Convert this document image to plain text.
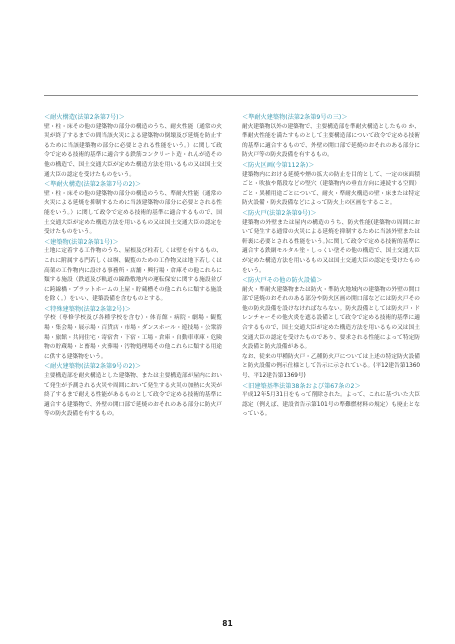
＜耐火構造(法第2条第7号)＞

壁・柱・床その他の建築物の部分の構造のうち、耐火性能（通常の火災が終了するまでの間当該火災による建築物の倒壊及び延焼を防止するために当該建築物の部分に必要とされる性能をいう。）に関して政令で定める技術的基準に適合する鉄筋コンクリート造・れんが造その他の構造で、国土交通大臣が定めた構造方法を用いるもの又は国土交通大臣の認定を受けたものをいう。

＜準耐火構造(法第2条第7号の2)＞

壁・柱・床その他の建築物の部分の構造のうち、準耐火性能（通常の火災による延焼を抑制するために当該建築物の部分に必要とされる性能をいう。）に関して政令で定める技術的基準に適合するもので、国土交通大臣が定めた構造方法を用いるもの又は国土交通大臣の認定を受けたものをいう。

＜建築物(法第2条第1号)＞

土地に定着する工作物のうち、屋根及び柱若しくは壁を有するもの、これに附属する門若しくは塀、観覧のための工作物又は地下若しくは高架の工作物内に設ける事務所・店舗・興行場・倉庫その他これらに類する施設（鉄道及び軌道の線路敷地内の運転保安に関する施設並びに跨線橋・プラットホームの上屋・貯蔵槽その他これらに類する施設を除く。）をいい、建築設備を含むものとする。

＜特殊建築物(法第2条第2号)＞

学校（専修学校及び各種学校を含む）・体育館・病院・劇場・観覧場・集会場・展示場・百貨店・市場・ダンスホール・遊技場・公衆浴場・旅館・共同住宅・寄宿舎・下宿・工場・倉庫・自動車車庫・危険物の貯蔵場・と畜場・火葬場・汚物処理場その他これらに類する用途に供する建築物をいう。

＜耐火建築物(法第2条第9号の2)＞

主要構造部を耐火構造とした建築物、または主要構造部が屋内において発生が予測される火災や周囲において発生する火災の加熱に火災が終了するまで耐える性能があるものとして政令で定める技術的基準に適合する建築物で、外壁の開口部で延焼のおそれのある部分に防火戸等の防火設備を有するもの。

＜準耐火建築物(法第2条第9号の三)＞

耐火建築物以外の建築物で、主要構造部を準耐火構造としたもの か、準耐火性能を満たすものとして主要構造部について政令で定める技術的基準に適合するもので、外壁の開口部で延焼のおそれのある部分に防火戸等の防火設備を有するもの。

＜防火区画(令第112条)＞

建築物内における延焼や煙の拡大の防止を目的として、一定の床面積ごと・吹抜や階段などの竪穴（建築物内の垂直方向に連続する空間）ごと・異種用途ごとについて、耐火・準耐火構造の壁・床または特定防火設備・防火設備などによって防火上の区画をすること。

＜防火戸(法第2条第9号)＞

建築物の外壁または屋内の構造のうち、防火性能(建築物の周囲において発生する通常の火災による延焼を抑制するために当該外壁または軒裏に必要とされる性能をいう。)に関して政令で定める技術的基準に適合する鉄網モルタル塗・しっくい塗その他の構造で、国土交通大臣が定めた構造方法を用いるもの又は国土交通大臣の認定を受けたものをいう。

＜防火戸その他の防火設備＞

耐火・準耐火建築物または防火・準防火地域内の建築物の外壁の開口部で延焼のおそれのある部分や防火区画の開口部などには防火戸その他の防火設備を設けなければならない。防火設備としては防火戸・ドレンチャーその他火炎を遮る設備として政令で定める技術的基準に適合するもので、国土交通大臣が定めた構造方法を用いるもの又は国土交通大臣の認定を受けたものであり、要求される性能によって特定防火設備と防火設備がある。

なお、従来の甲種防火戸・乙種防火戸については上述の特定防火設備と防火設備の例示仕様として告示に示されている。(平12建告第1360号、平12建告第1369号)

＜旧建築基準法第38条および第67条の2＞

平成12年5月31日をもって削除された。よって、これに基づいた大臣認定（例えば、建設省告示第101号の準難燃材料の規定）も廃止となっている。

81
